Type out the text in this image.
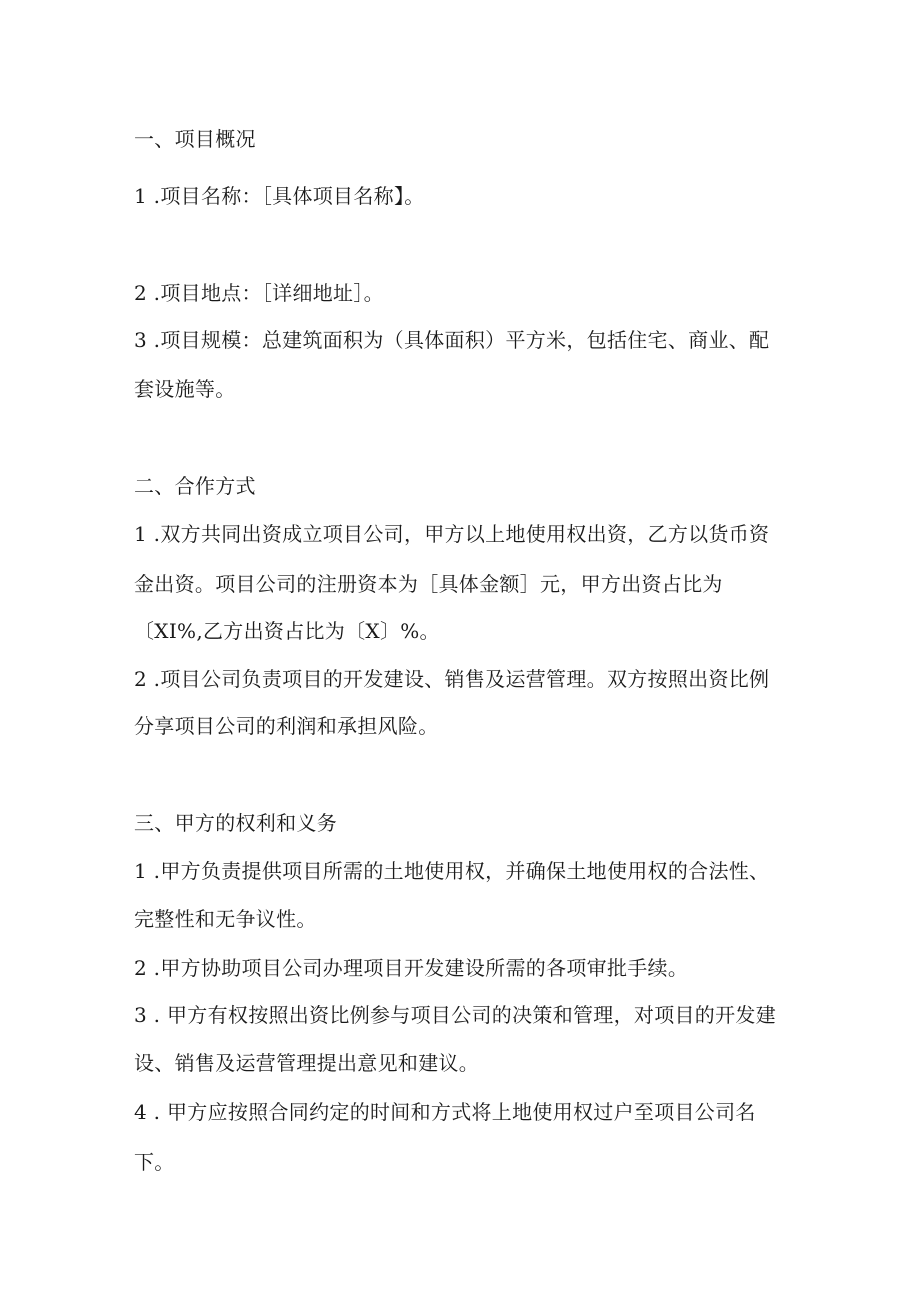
一、项目概况
1 .项目名称：［具体项目名称】。
2 .项目地点：［详细地址］。
3 .项目规模：总建筑面积为（具体面积）平方米，包括住宅、商业、配
套设施等。
二、合作方式
1 .双方共同出资成立项目公司，甲方以上地使用权出资，乙方以货币资
金出资。项目公司的注册资本为［具体金额］元，甲方出资占比为
〔XI%,乙方出资占比为〔X〕%。
2 .项目公司负责项目的开发建设、销售及运营管理。双方按照出资比例
分享项目公司的利润和承担风险。
三、甲方的权利和义务
1 .甲方负责提供项目所需的土地使用权，并确保土地使用权的合法性、
完整性和无争议性。
2 .甲方协助项目公司办理项目开发建设所需的各项审批手续。
3 . 甲方有权按照出资比例参与项目公司的决策和管理，对项目的开发建
设、销售及运营管理提出意见和建议。
4 . 甲方应按照合同约定的时间和方式将上地使用权过户至项目公司名
下。
